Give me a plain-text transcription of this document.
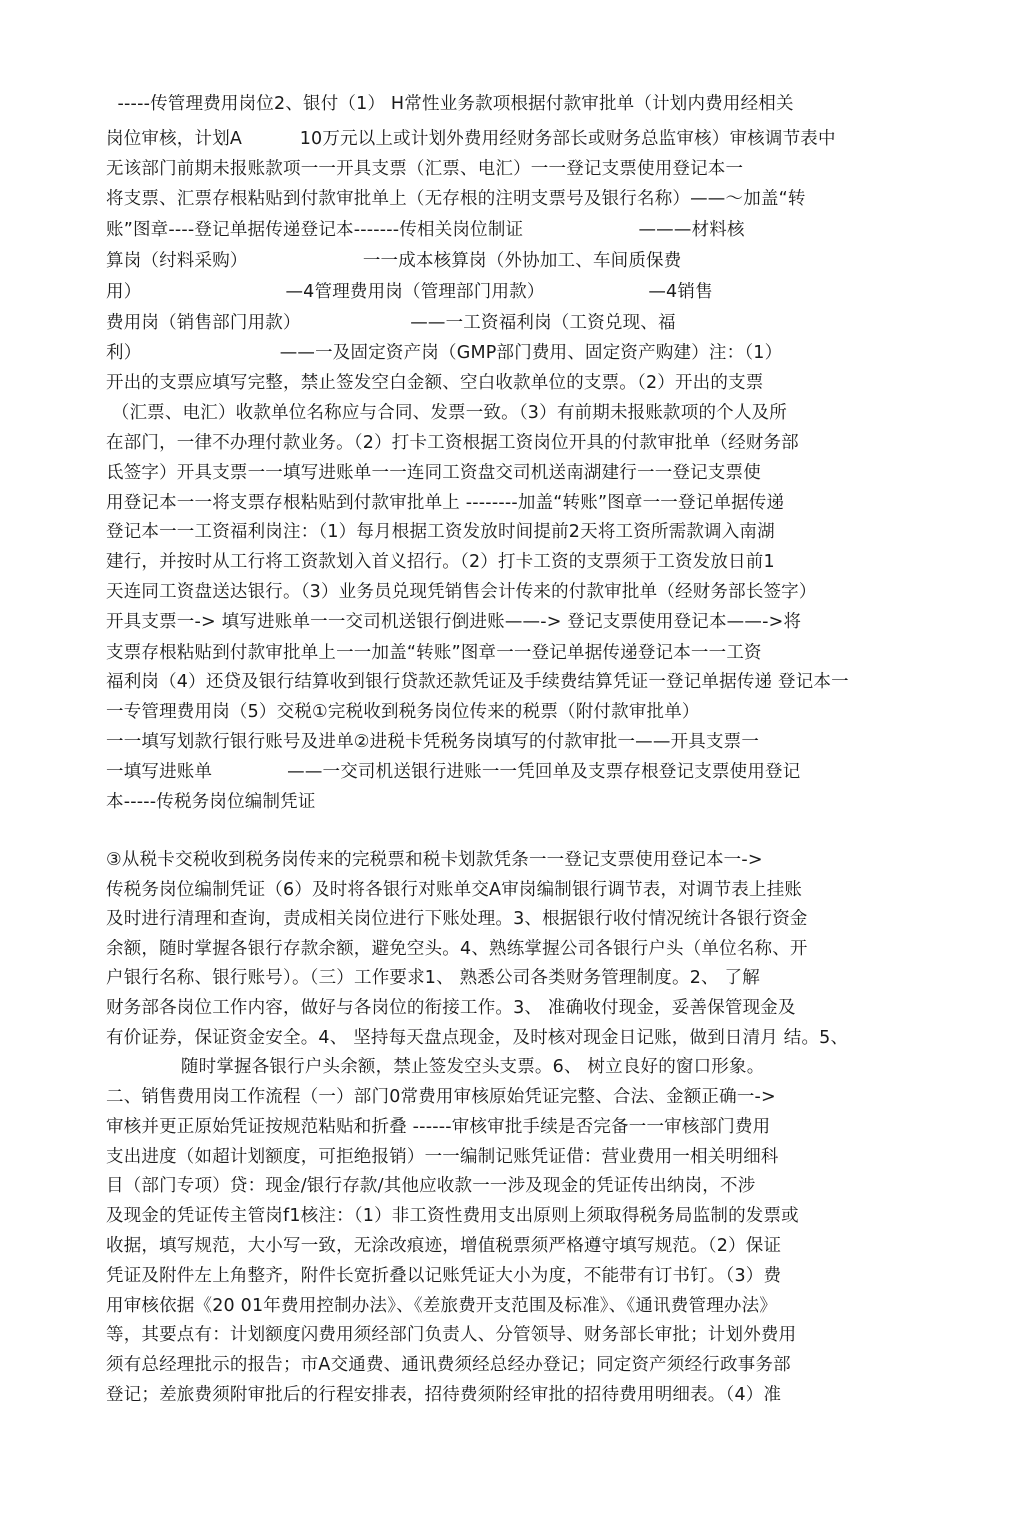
-----传管理费用岗位2、银付（1） H常性业务款项根据付款审批单（计划内费用经相关
岗位审核，计划A          10万元以上或计划外费用经财务部长或财务总监审核）审核调节表中
无该部门前期未报账款项一一开具支票（汇票、电汇）一一登记支票使用登记本一
将支票、汇票存根粘贴到付款审批单上（无存根的注明支票号及银行名称）——～加盖“转
账”图章----登记单据传递登记本-------传相关岗位制证                    ———材料核
算岗（纣料采购）                    一一成本核算岗（外协加工、车间质保费
用）                         —4管理费用岗（管理部门用款）                  —4销售
费用岗（销售部门用款）                   ——一工资福利岗（工资兑现、福
利）                        ——一及固定资产岗（GMP部门费用、固定资产购建）注：（1）
开出的支票应填写完整，禁止签发空白金额、空白收款单位的支票。（2）开出的支票
（汇票、电汇）收款单位名称应与合同、发票一致。（3）有前期未报账款项的个人及所
在部门，一律不办理付款业务。（2）打卡工资根据工资岗位开具的付款审批单（经财务部
氐签字）开具支票一一填写进账单一一连同工资盘交司机送南湖建行一一登记支票使
用登记本一一将支票存根粘贴到付款审批单上 --------加盖“转账”图章一一登记单据传递
登记本一一工资福利岗注：（1）每月根据工资发放时间提前2天将工资所需款调入南湖
建行，并按时从工行将工资款划入首义招行。（2）打卡工资的支票须于工资发放日前1
天连同工资盘送达银行。（3）业务员兑现凭销售会计传来的付款审批单（经财务部长签字）
开具支票一-> 填写进账单一一交司机送银行倒进账——-> 登记支票使用登记本——->将
支票存根粘贴到付款审批单上一一加盖“转账”图章一一登记单据传递登记本一一工资
福利岗（4）还贷及银行结算收到银行贷款还款凭证及手续费结算凭证一登记单据传递 登记本一
一专管理费用岗（5）交税①完税收到税务岗位传来的税票（附付款审批单）
一一填写划款行银行账号及进单②进税卡凭税务岗填写的付款审批一——开具支票一
一填写进账单             ——一交司机送银行进账一一凭回单及支票存根登记支票使用登记
本-----传税务岗位编制凭证
③从税卡交税收到税务岗传来的完税票和税卡划款凭条一一登记支票使用登记本一->
传税务岗位编制凭证（6）及时将各银行对账单交A审岗编制银行调节表，对调节表上挂账
及时进行清理和查询，责成相关岗位进行下账处理。3、根据银行收付情况统计各银行资金
余额，随时掌握各银行存款余额，避免空头。4、熟练掌握公司各银行户头（单位名称、开
户银行名称、银行账号）。（三）工作要求1、 熟悉公司各类财务管理制度。2、 了解
财务部各岗位工作内容，做好与各岗位的衔接工作。3、 准确收付现金，妥善保管现金及
有价证券，保证资金安全。4、 坚持每天盘点现金，及时核对现金日记账，做到日清月 结。5、
随时掌握各银行户头余额，禁止签发空头支票。6、 树立良好的窗口形象。
二、销售费用岗工作流程（一）部门0常费用审核原始凭证完整、合法、金额正确一->
审核并更正原始凭证按规范粘贴和折叠 ------审核审批手续是否完备一一审核部门费用
支出进度（如超计划额度，可拒绝报销）一一编制记账凭证借：营业费用一相关明细科
目（部门专项）贷：现金/银行存款/其他应收款一一涉及现金的凭证传出纳岗，不涉
及现金的凭证传主管岗f1核注：（1）非工资性费用支出原则上须取得税务局监制的发票或
收据，填写规范，大小写一致，无涂改痕迹，增值税票须严格遵守填写规范。（2）保证
凭证及附件左上角整齐，附件长宽折叠以记账凭证大小为度，不能带有订书钉。（3）费
用审核依据《20 01年费用控制办法》、《差旅费开支范围及标准》、《通讯费管理办法》
等，其要点有：计划额度闪费用须经部门负责人、分管领导、财务部长审批；计划外费用
须有总经理批示的报告；市A交通费、通讯费须经总经办登记；同定资产须经行政事务部
登记；差旅费须附审批后的行程安排表，招待费须附经审批的招待费用明细表。（4）准
